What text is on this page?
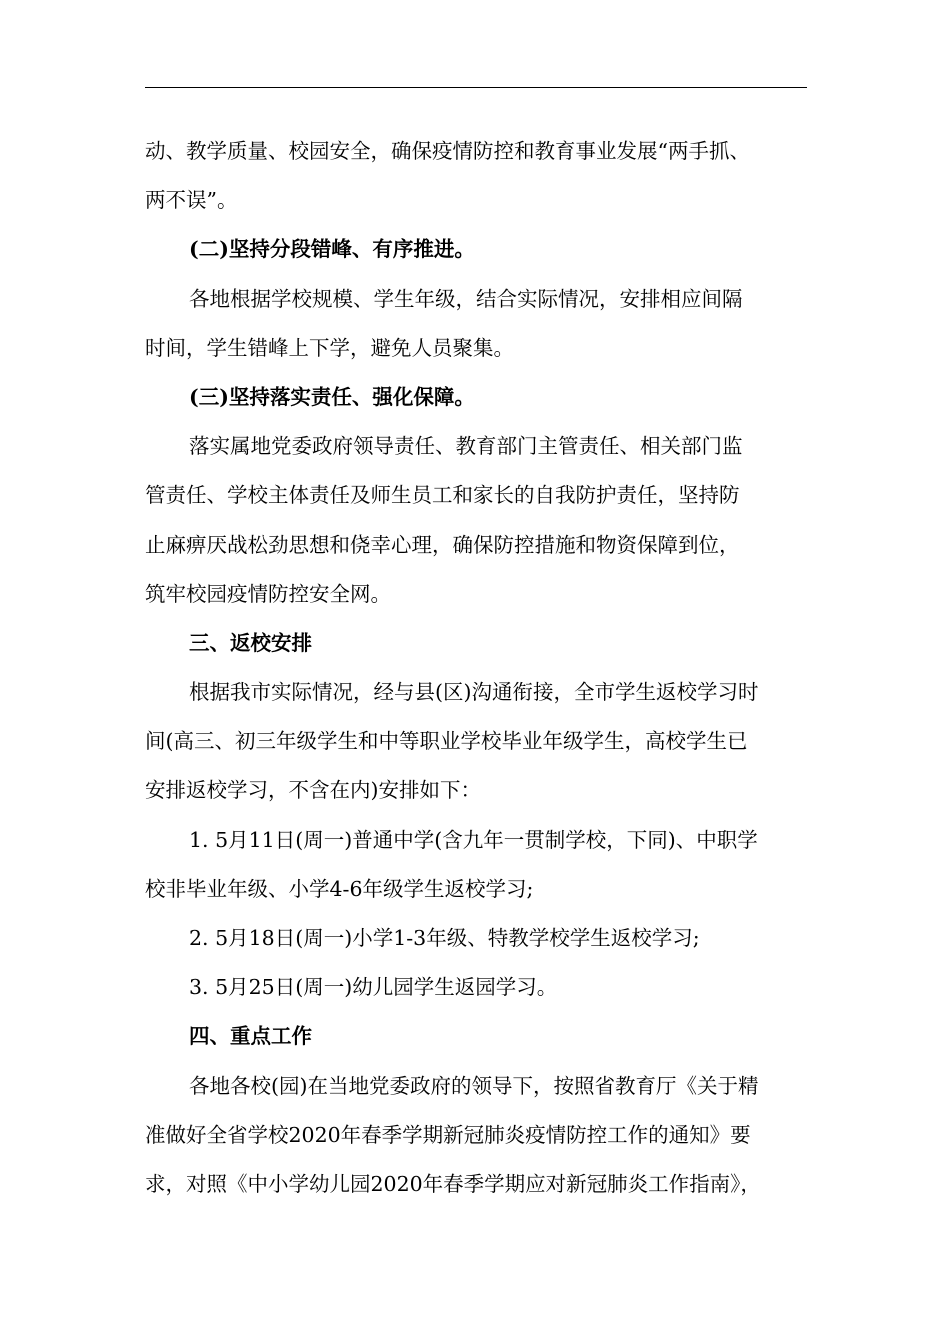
动、教学质量、校园安全，确保疫情防控和教育事业发展“两手抓、
两不误”。
(二)坚持分段错峰、有序推进。
各地根据学校规模、学生年级，结合实际情况，安排相应间隔
时间，学生错峰上下学，避免人员聚集。
(三)坚持落实责任、强化保障。
落实属地党委政府领导责任、教育部门主管责任、相关部门监
管责任、学校主体责任及师生员工和家长的自我防护责任，坚持防
止麻痹厌战松劲思想和侥幸心理，确保防控措施和物资保障到位，
筑牢校园疫情防控安全网。
三、返校安排
根据我市实际情况，经与县(区)沟通衔接，全市学生返校学习时
间(高三、初三年级学生和中等职业学校毕业年级学生，高校学生已
安排返校学习，不含在内)安排如下：
1. 5月11日(周一)普通中学(含九年一贯制学校，下同)、中职学
校非毕业年级、小学4-6年级学生返校学习;
2. 5月18日(周一)小学1-3年级、特教学校学生返校学习;
3. 5月25日(周一)幼儿园学生返园学习。
四、重点工作
各地各校(园)在当地党委政府的领导下，按照省教育厅《关于精
准做好全省学校2020年春季学期新冠肺炎疫情防控工作的通知》要
求，对照《中小学幼儿园2020年春季学期应对新冠肺炎工作指南》，
